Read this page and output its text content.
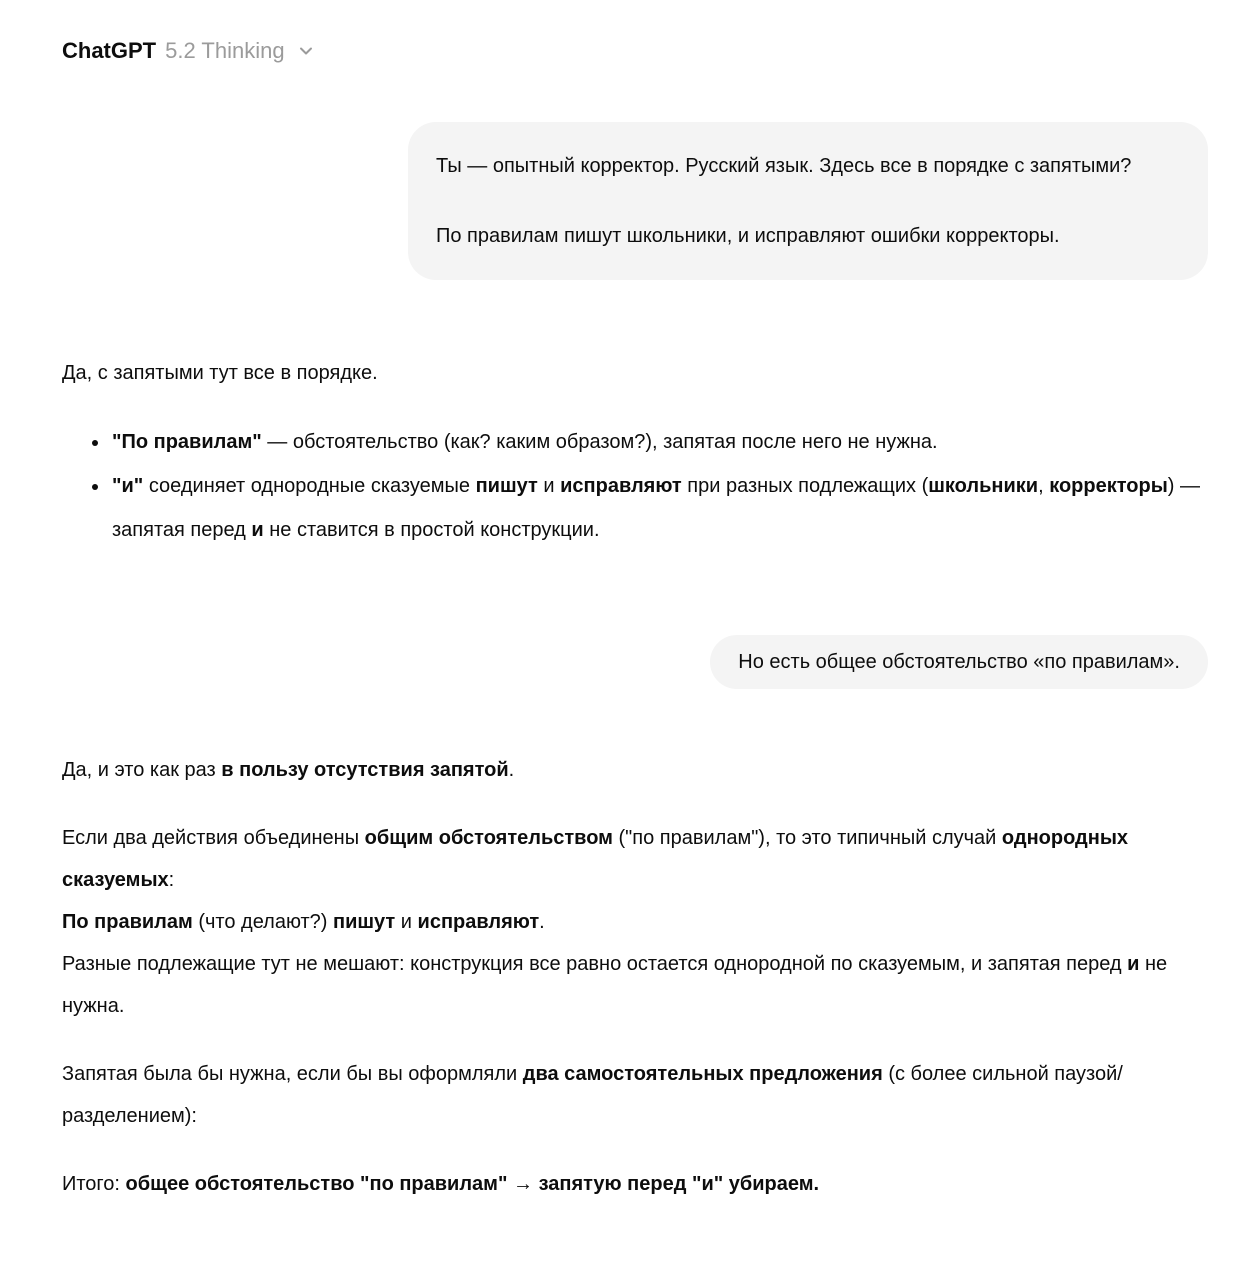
ChatGPT 5.2 Thinking

Ты — опытный корректор. Русский язык. Здесь все в порядке с запятыми?

По правилам пишут школьники, и исправляют ошибки корректоры.

Да, с запятыми тут все в порядке.

• "По правилам" — обстоятельство (как? каким образом?), запятая после него не нужна.
• "и" соединяет однородные сказуемые пишут и исправляют при разных подлежащих (школьники, корректоры) — запятая перед и не ставится в простой конструкции.

Но есть общее обстоятельство «по правилам».

Да, и это как раз в пользу отсутствия запятой.

Если два действия объединены общим обстоятельством ("по правилам"), то это типичный случай однородных сказуемых:
По правилам (что делают?) пишут и исправляют.
Разные подлежащие тут не мешают: конструкция все равно остается однородной по сказуемым, и запятая перед и не нужна.

Запятая была бы нужна, если бы вы оформляли два самостоятельных предложения (с более сильной паузой/разделением):

Итого: общее обстоятельство "по правилам" → запятую перед "и" убираем.
